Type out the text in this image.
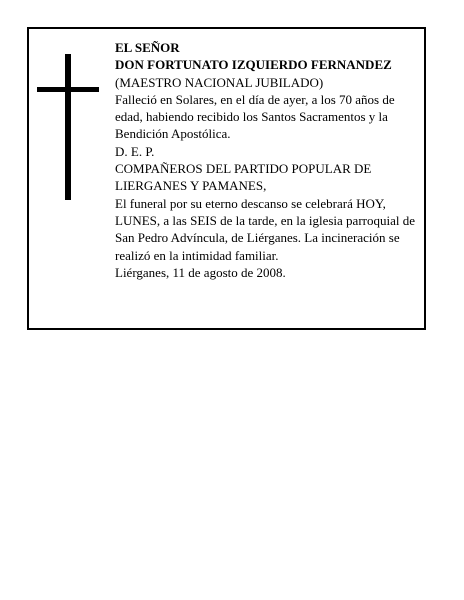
EL SEÑOR

DON FORTUNATO IZQUIERDO FERNANDEZ

(MAESTRO NACIONAL JUBILADO)

Falleció en Solares, en el día de ayer, a los 70 años de edad, habiendo recibido los Santos Sacramentos y la Bendición Apostólica.

D. E. P.

COMPAÑEROS DEL PARTIDO POPULAR DE LIERGANES Y PAMANES,

El funeral por su eterno descanso se celebrará HOY, LUNES, a las SEIS de la tarde, en la iglesia parroquial de San Pedro Advíncula, de Liérganes. La incineración se realizó en la intimidad familiar.

Liérganes, 11 de agosto de 2008.
